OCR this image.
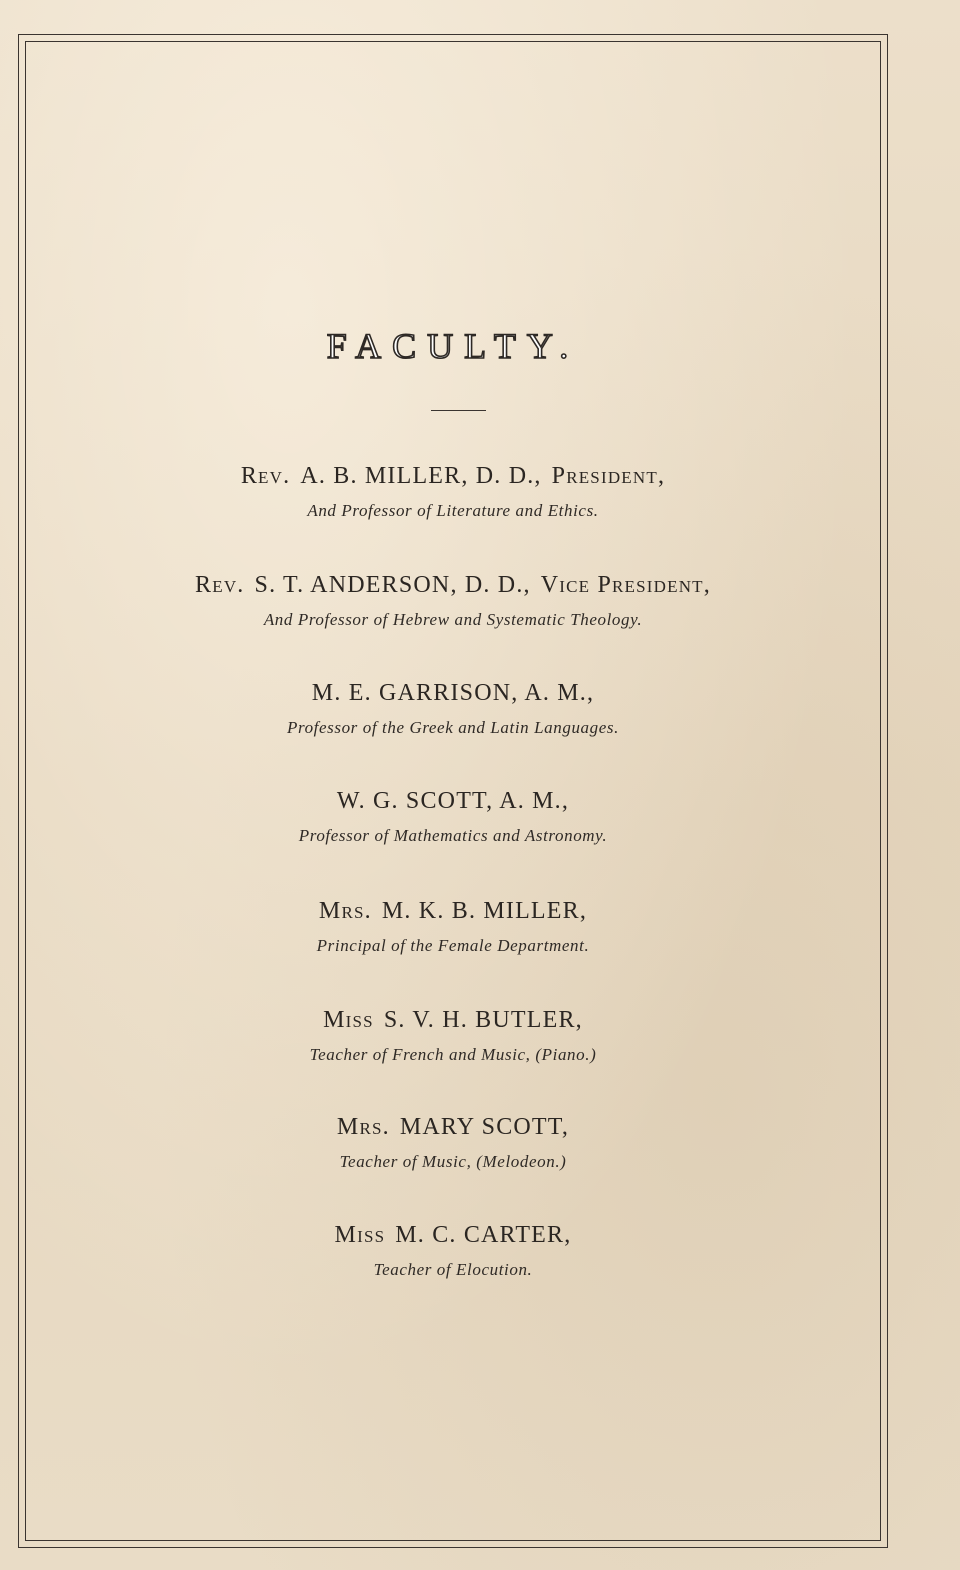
FACULTY.
Rev. A. B. MILLER, D. D., President,
And Professor of Literature and Ethics.
Rev. S. T. ANDERSON, D. D., Vice President,
And Professor of Hebrew and Systematic Theology.
M. E. GARRISON, A. M.,
Professor of the Greek and Latin Languages.
W. G. SCOTT, A. M.,
Professor of Mathematics and Astronomy.
Mrs. M. K. B. MILLER,
Principal of the Female Department.
Miss S. V. H. BUTLER,
Teacher of French and Music, (Piano.)
Mrs. MARY SCOTT,
Teacher of Music, (Melodeon.)
Miss M. C. CARTER,
Teacher of Elocution.
